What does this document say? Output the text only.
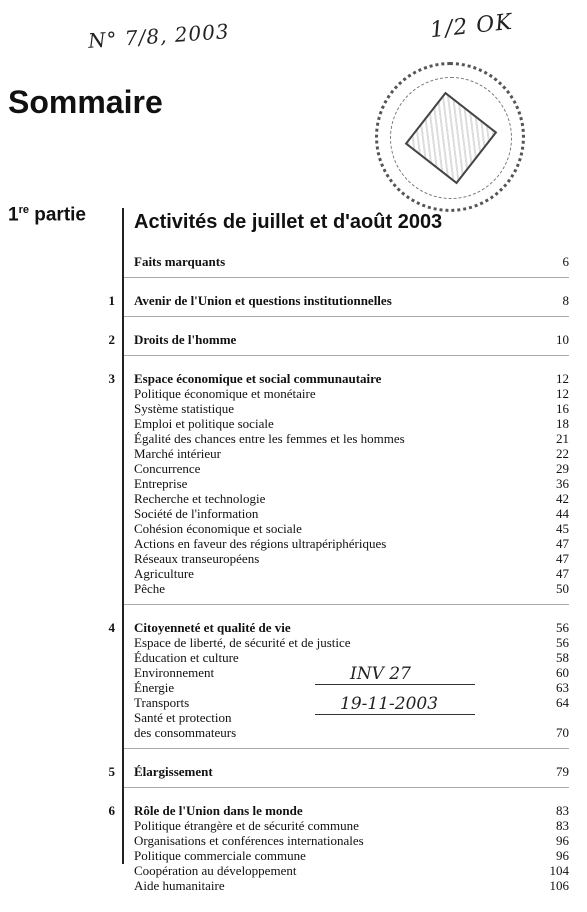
N° 7/8, 2003	1/2 OK
Sommaire
1re partie Activités de juillet et d'août 2003
Faits marquants	6
1 Avenir de l'Union et questions institutionnelles	8
2 Droits de l'homme	10
3 Espace économique et social communautaire	12
Politique économique et monétaire	12
Système statistique	16
Emploi et politique sociale	18
Égalité des chances entre les femmes et les hommes	21
Marché intérieur	22
Concurrence	29
Entreprise	36
Recherche et technologie	42
Société de l'information	44
Cohésion économique et sociale	45
Actions en faveur des régions ultrapériphériques	47
Réseaux transeuropéens	47
Agriculture	47
Pêche	50
4 Citoyenneté et qualité de vie	56
Espace de liberté, de sécurité et de justice	56
Éducation et culture	58
Environnement	60
Énergie	63
Transports	64
Santé et protection
des consommateurs	70
5 Élargissement	79
6 Rôle de l'Union dans le monde	83
Politique étrangère et de sécurité commune	83
Organisations et conférences internationales	96
Politique commerciale commune	96
Coopération au développement	104
Aide humanitaire	106
INV 27
19-11-2003
